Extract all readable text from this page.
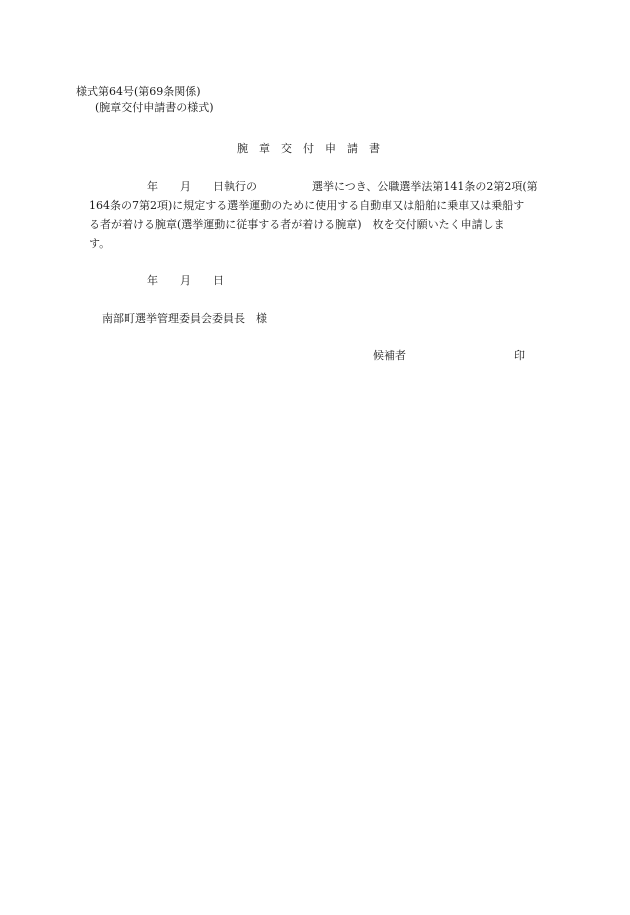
様式第64号(第69条関係)
(腕章交付申請書の様式)
腕　章　交　付　申　請　書
年　　月　　日執行の　　　　　選挙につき、公職選挙法第141条の2第2項(第
164条の7第2項)に規定する選挙運動のために使用する自動車又は船舶に乗車又は乗船す
る者が着ける腕章(選挙運動に従事する者が着ける腕章)　枚を交付願いたく申請しま
す。
年　　月　　日
南部町選挙管理委員会委員長　様
候補者	印
